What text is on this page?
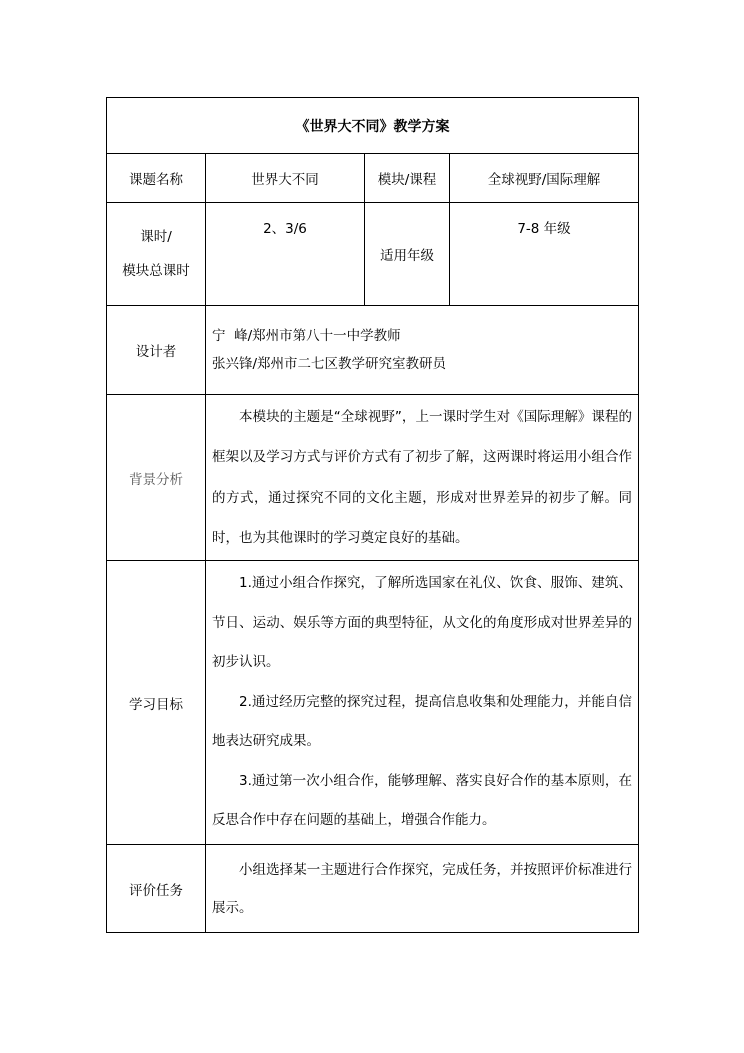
《世界大不同》教学方案			
课题名称	世界大不同	模块/课程	全球视野/国际理解

课时/
模块总课时	2、3/6	适用年级	7-8 年级
设计者	宁  峰/郑州市第八十一中学教师
张兴锋/郑州市二七区教学研究室教研员		

背景分析	本模块的主题是“全球视野”，上一课时学生对《国际理解》课程的框架以及学习方式与评价方式有了初步了解，这两课时将运用小组合作的方式，通过探究不同的文化主题，形成对世界差异的初步了解。同时，也为其他课时的学习奠定良好的基础。		

学习目标	1.通过小组合作探究，了解所选国家在礼仪、饮食、服饰、建筑、节日、运动、娱乐等方面的典型特征，从文化的角度形成对世界差异的初步认识。

2.通过经历完整的探究过程，提高信息收集和处理能力，并能自信地表达研究成果。

3.通过第一次小组合作，能够理解、落实良好合作的基本原则，在反思合作中存在问题的基础上，增强合作能力。		

评价任务	小组选择某一主题进行合作探究，完成任务，并按照评价标准进行展示。		
